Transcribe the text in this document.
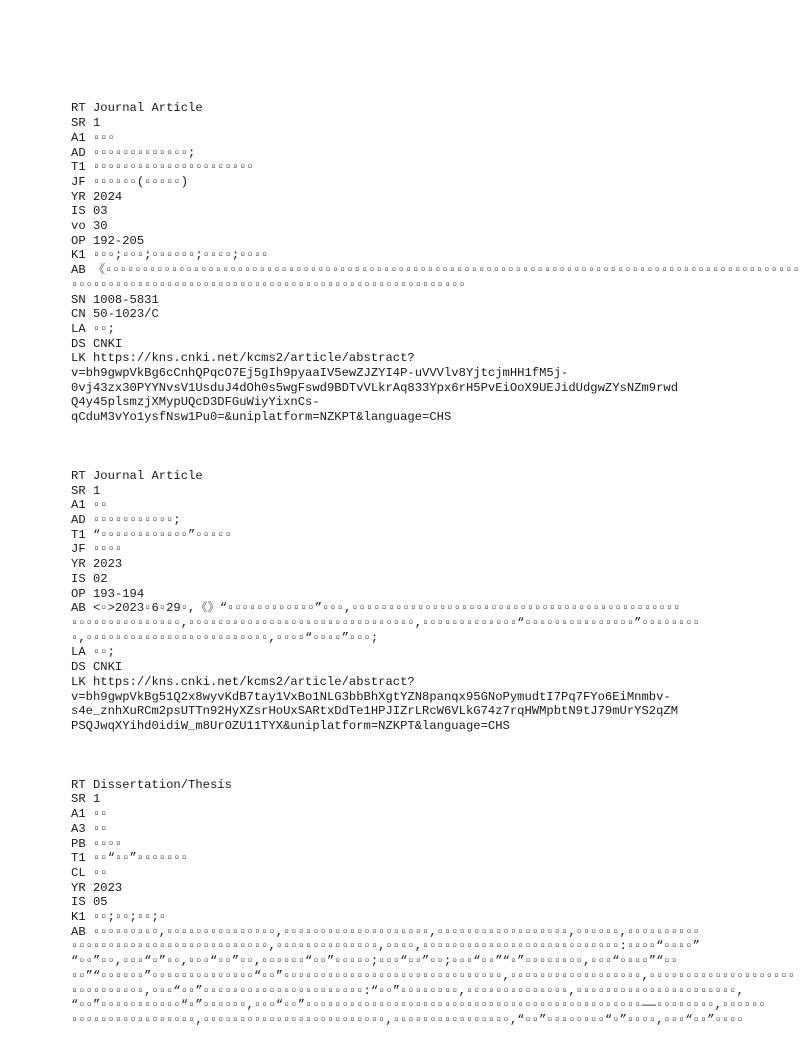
RT Journal Article
SR 1
A1 ▫▫▫
AD ▫▫▫▫▫▫▫▫▫▫▫▫▫;
T1 ▫▫▫▫▫▫▫▫▫▫▫▫▫▫▫▫▫▫▫▫▫▫
JF ▫▫▫▫▫▫(▫▫▫▫▫)
YR 2024
IS 03
vo 30
OP 192-205
K1 ▫▫▫;▫▫▫;▫▫▫▫▫▫;▫▫▫▫;▫▫▫▫
AB 《▫▫▫▫▫▫▫▫▫▫▫▫▫▫▫▫▫▫▫▫▫▫▫▫▫▫▫▫▫▫▫▫▫▫▫▫▫▫▫▫▫▫▫▫▫▫▫▫▫▫▫▫▫▫▫▫▫▫▫▫▫▫▫▫▫▫▫▫▫▫▫▫▫▫▫▫▫▫▫▫▫▫▫▫▫▫▫▫▫▫▫▫▫▫▫
▫▫▫▫▫▫▫▫▫▫▫▫▫▫▫▫▫▫▫▫▫▫▫▫▫▫▫▫▫▫▫▫▫▫▫▫▫▫▫▫▫▫▫▫▫▫▫▫▫▫▫▫▫▫
SN 1008-5831
CN 50-1023/C
LA ▫▫;
DS CNKI
LK https://kns.cnki.net/kcms2/article/abstract?
v=bh9gwpVkBg6cCnhQPqcO7Ej5gIh9pyaaIV5ewZJZYI4P-uVVVlv8YjtcjmHH1fM5j-
0vj43zx30PYYNvsV1UsduJ4dOh0s5wgFswd9BDTvVLkrAq833Ypx6rH5PvEiOoX9UEJidUdgwZYsNZm9rwd
Q4y45plsmzjXMypUQcD3DFGuWiyYixnCs-
qCduM3vYo1ysfNsw1Pu0=&uniplatform=NZKPT&language=CHS

RT Journal Article
SR 1
A1 ▫▫
AD ▫▫▫▫▫▫▫▫▫▫▫;
T1 “▫▫▫▫▫▫▫▫▫▫▫▫”▫▫▫▫▫
JF ▫▫▫▫
YR 2023
IS 02
OP 193-194
AB <▫>2023▫6▫29▫,《》“▫▫▫▫▫▫▫▫▫▫▫▫”▫▫▫,▫▫▫▫▫▫▫▫▫▫▫▫▫▫▫▫▫▫▫▫▫▫▫▫▫▫▫▫▫▫▫▫▫▫▫▫▫▫▫▫▫▫▫▫▫
▫▫▫▫▫▫▫▫▫▫▫▫▫▫▫,▫▫▫▫▫▫▫▫▫▫▫▫▫▫▫▫▫▫▫▫▫▫▫▫▫▫▫▫▫▫▫,▫▫▫▫▫▫▫▫▫▫▫▫▫“▫▫▫▫▫▫▫▫▫▫▫▫▫▫▫”▫▫▫▫▫▫▫▫
▫,▫▫▫▫▫▫▫▫▫▫▫▫▫▫▫▫▫▫▫▫▫▫▫▫▫,▫▫▫▫“▫▫▫▫”▫▫▫;
LA ▫▫;
DS CNKI
LK https://kns.cnki.net/kcms2/article/abstract?
v=bh9gwpVkBg51Q2x8wyvKdB7tay1VxBo1NLG3bbBhXgtYZN8panqx95GNoPymudtI7Pq7FYo6EiMnmbv-
s4e_znhXuRCm2psUTTn92HyXZsrHoUxSARtxDdTe1HPJIZrLRcW6VLkG74z7rqHWMpbtN9tJ79mUrYS2qZM
PSQJwqXYihd0idiW_m8UrOZU11TYX&uniplatform=NZKPT&language=CHS

RT Dissertation/Thesis
SR 1
A1 ▫▫
A3 ▫▫
PB ▫▫▫▫
T1 ▫▫“▫▫”▫▫▫▫▫▫▫
CL ▫▫
YR 2023
IS 05
K1 ▫▫;▫▫;▫▫;▫
AB ▫▫▫▫▫▫▫▫▫,▫▫▫▫▫▫▫▫▫▫▫▫▫▫▫,▫▫▫▫▫▫▫▫▫▫▫▫▫▫▫▫▫▫▫▫,▫▫▫▫▫▫▫▫▫▫▫▫▫▫▫▫▫▫,▫▫▫▫▫▫,▫▫▫▫▫▫▫▫▫▫
▫▫▫▫▫▫▫▫▫▫▫▫▫▫▫▫▫▫▫▫▫▫▫▫▫▫▫,▫▫▫▫▫▫▫▫▫▫▫▫▫▫,▫▫▫▫,▫▫▫▫▫▫▫▫▫▫▫▫▫▫▫▫▫▫▫▫▫▫▫▫▫▫▫:▫▫▫▫“▫▫▫▫”
“▫▫”▫▫,▫▫▫“▫”▫▫,▫▫▫“▫▫”▫▫,▫▫▫▫▫▫“▫▫”▫▫▫▫▫;▫▫▫“▫▫”▫▫;▫▫▫“▫▫”“▫”▫▫▫▫▫▫▫▫,▫▫▫“▫▫▫▫”“▫▫
▫▫”“▫▫▫▫▫▫”▫▫▫▫▫▫▫▫▫▫▫▫▫▫“▫▫”▫▫▫▫▫▫▫▫▫▫▫▫▫▫▫▫▫▫▫▫▫▫▫▫▫▫▫▫▫▫,▫▫▫▫▫▫▫▫▫▫▫▫▫▫▫▫▫▫,▫▫▫▫▫▫▫▫▫▫▫▫▫▫▫▫▫▫▫▫
▫▫▫▫▫▫▫▫▫▫,▫▫▫“▫▫”▫▫▫▫▫▫▫▫▫▫▫▫▫▫▫▫▫▫▫▫▫▫:“▫▫”▫▫▫▫▫▫▫▫,▫▫▫▫▫▫▫▫▫▫▫▫▫▫,▫▫▫▫▫▫▫▫▫▫▫▫▫▫▫▫▫▫▫▫▫▫,
“▫▫”▫▫▫▫▫▫▫▫▫▫▫“▫”▫▫▫▫▫▫,▫▫▫“▫▫”▫▫▫▫▫▫▫▫▫▫▫▫▫▫▫▫▫▫▫▫▫▫▫▫▫▫▫▫▫▫▫▫▫▫▫▫▫▫▫▫▫▫▫▫▫▫——▫▫▫▫▫▫▫▫,▫▫▫▫▫▫
▫▫▫▫▫▫▫▫▫▫▫▫▫▫▫▫▫,▫▫▫▫▫▫▫▫▫▫▫▫▫▫▫▫▫▫▫▫▫▫▫▫▫,▫▫▫▫▫▫▫▫▫▫▫▫▫▫▫▫,“▫▫”▫▫▫▫▫▫▫▫“▫”▫▫▫▫,▫▫▫“▫▫”▫▫▫▫
